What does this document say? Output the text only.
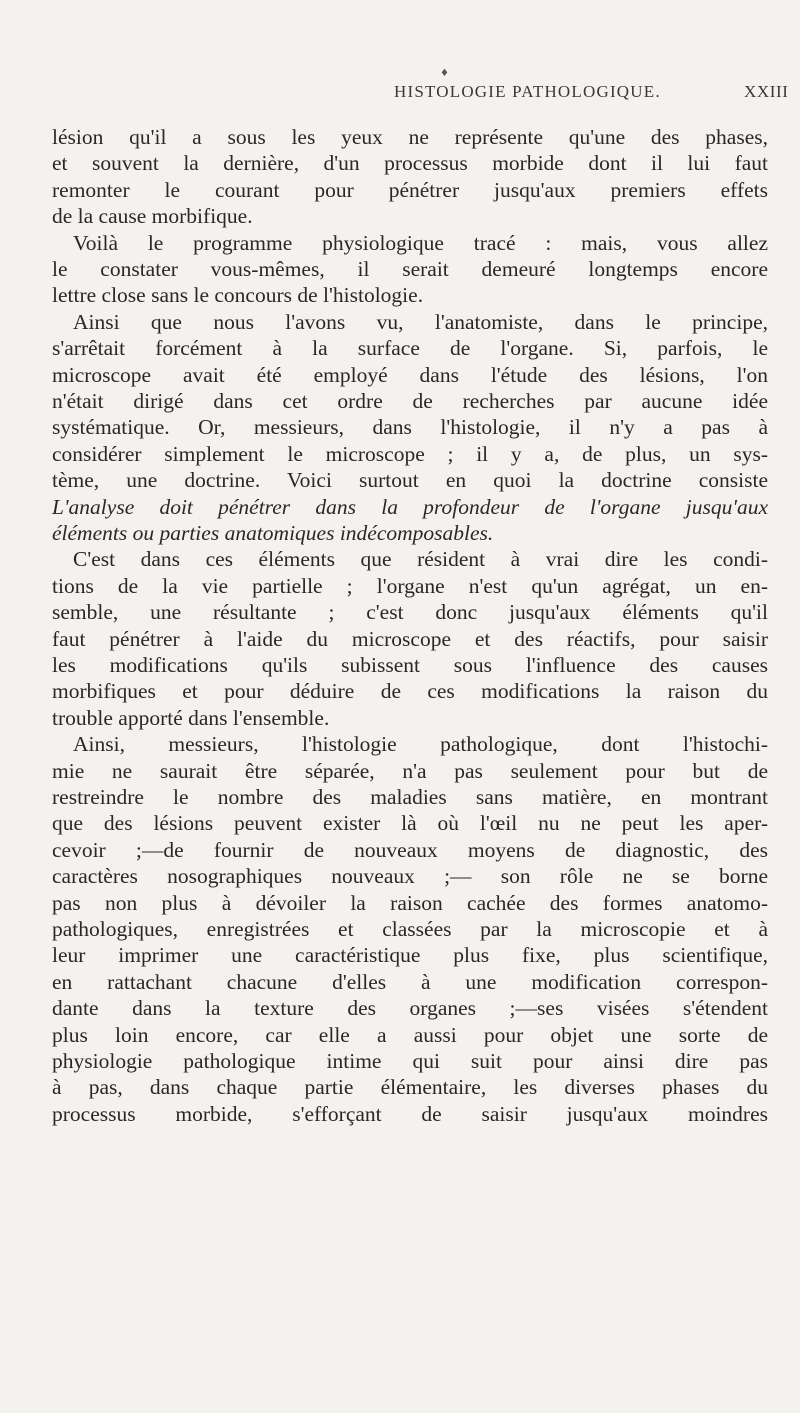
♦
HISTOLOGIE PATHOLOGIQUE.	XXIII
lésion qu'il a sous les yeux ne représente qu'une des phases,
et souvent la dernière, d'un processus morbide dont il lui faut
remonter le courant pour pénétrer jusqu'aux premiers effets
de la cause morbifique.
Voilà le programme physiologique tracé : mais, vous allez
le constater vous-mêmes, il serait demeuré longtemps encore
lettre close sans le concours de l'histologie.
Ainsi que nous l'avons vu, l'anatomiste, dans le principe,
s'arrêtait forcément à la surface de l'organe. Si, parfois, le
microscope avait été employé dans l'étude des lésions, l'on
n'était dirigé dans cet ordre de recherches par aucune idée
systématique. Or, messieurs, dans l'histologie, il n'y a pas à
considérer simplement le microscope ; il y a, de plus, un sys-
tème, une doctrine. Voici surtout en quoi la doctrine consiste
L'analyse doit pénétrer dans la profondeur de l'organe jusqu'aux
éléments ou parties anatomiques indécomposables.
C'est dans ces éléments que résident à vrai dire les condi-
tions de la vie partielle ; l'organe n'est qu'un agrégat, un en-
semble, une résultante ; c'est donc jusqu'aux éléments qu'il
faut pénétrer à l'aide du microscope et des réactifs, pour saisir
les modifications qu'ils subissent sous l'influence des causes
morbifiques et pour déduire de ces modifications la raison du
trouble apporté dans l'ensemble.
Ainsi, messieurs, l'histologie pathologique, dont l'histochi-
mie ne saurait être séparée, n'a pas seulement pour but de
restreindre le nombre des maladies sans matière, en montrant
que des lésions peuvent exister là où l'œil nu ne peut les aper-
cevoir ;—de fournir de nouveaux moyens de diagnostic, des
caractères nosographiques nouveaux ;— son rôle ne se borne
pas non plus à dévoiler la raison cachée des formes anatomo-
pathologiques, enregistrées et classées par la microscopie et à
leur imprimer une caractéristique plus fixe, plus scientifique,
en rattachant chacune d'elles à une modification correspon-
dante dans la texture des organes ;—ses visées s'étendent
plus loin encore, car elle a aussi pour objet une sorte de
physiologie pathologique intime qui suit pour ainsi dire pas
à pas, dans chaque partie élémentaire, les diverses phases du
processus morbide, s'efforçant de saisir jusqu'aux moindres
